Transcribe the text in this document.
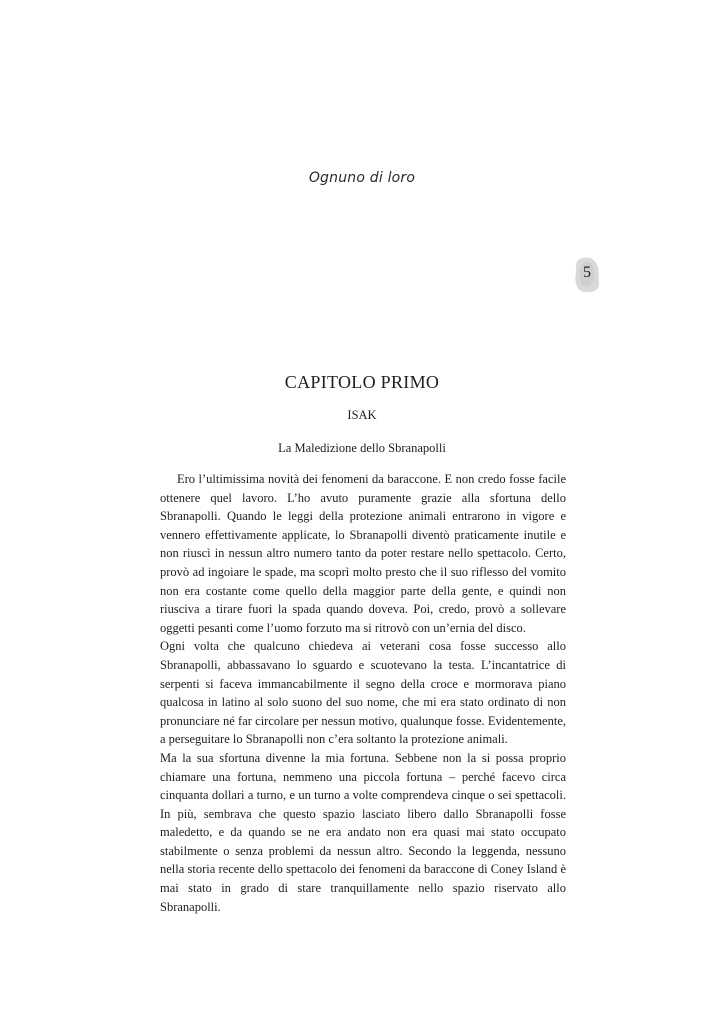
Ognuno di loro
5
CAPITOLO PRIMO
ISAK
La Maledizione dello Sbranapolli

Ero l’ultimissima novità dei fenomeni da baraccone. E non credo fosse facile ottenere quel lavoro. L’ho avuto puramente grazie alla sfortuna dello Sbranapolli. Quando le leggi della protezione animali entrarono in vigore e vennero effettivamente applicate, lo Sbranapolli diventò praticamente inutile e non riuscì in nessun altro numero tanto da poter restare nello spettacolo. Certo, provò ad ingoiare le spade, ma scoprì molto presto che il suo riflesso del vomito non era costante come quello della maggior parte della gente, e quindi non riusciva a tirare fuori la spada quando doveva. Poi, credo, provò a sollevare oggetti pesanti come l’uomo forzuto ma si ritrovò con un’ernia del disco.

Ogni volta che qualcuno chiedeva ai veterani cosa fosse successo allo Sbranapolli, abbassavano lo sguardo e scuotevano la testa. L’incantatrice di serpenti si faceva immancabilmente il segno della croce e mormorava piano qualcosa in latino al solo suono del suo nome, che mi era stato ordinato di non pronunciare né far circolare per nessun motivo, qualunque fosse. Evidentemente, a perseguitare lo Sbranapolli non c’era soltanto la protezione animali.

Ma la sua sfortuna divenne la mia fortuna. Sebbene non la si possa proprio chiamare una fortuna, nemmeno una piccola fortuna – perché facevo circa cinquanta dollari a turno, e un turno a volte comprendeva cinque o sei spettacoli. In più, sembrava che questo spazio lasciato libero dallo Sbranapolli fosse maledetto, e da quando se ne era andato non era quasi mai stato occupato stabilmente o senza problemi da nessun altro. Secondo la leggenda, nessuno nella storia recente dello spettacolo dei fenomeni da baraccone di Coney Island è mai stato in grado di stare tranquillamente nello spazio riservato allo Sbranapolli.
